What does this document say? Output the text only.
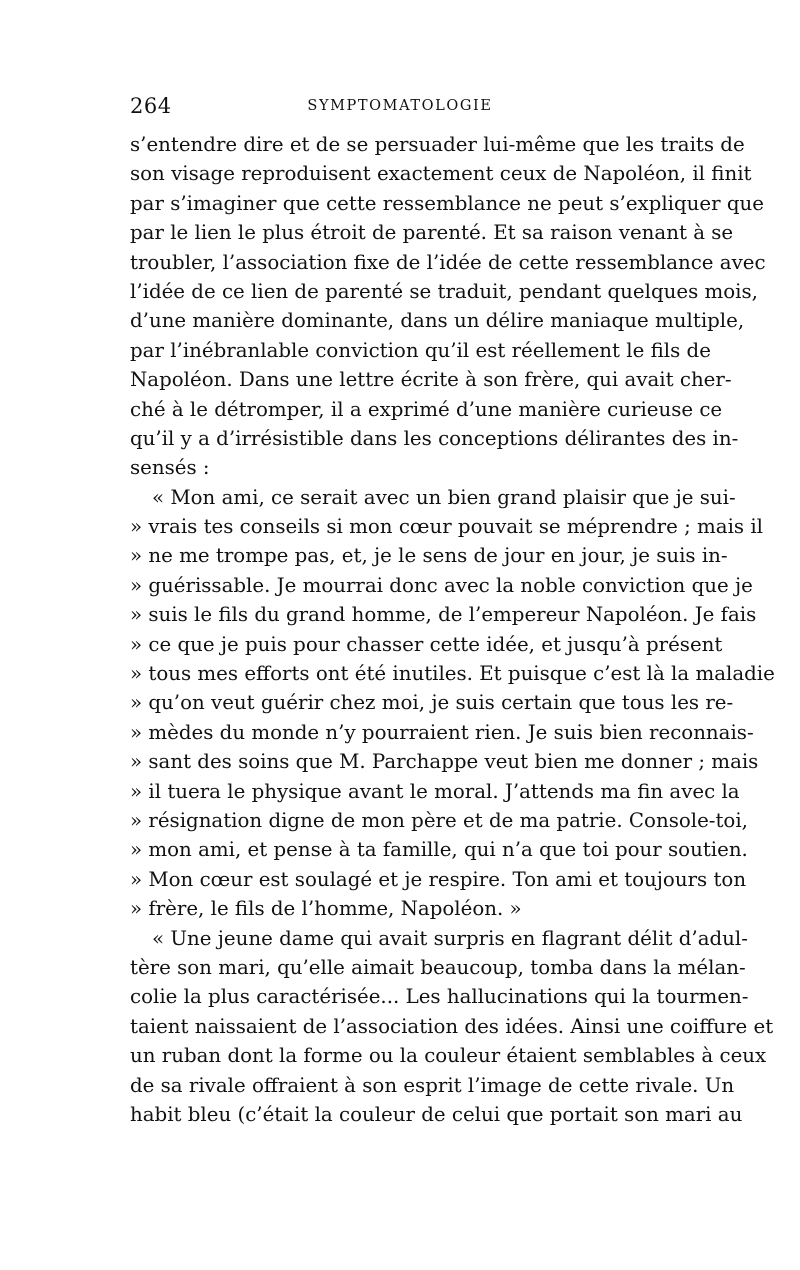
264	SYMPTOMATOLOGIE
s’entendre dire et de se persuader lui-même que les traits de
son visage reproduisent exactement ceux de Napoléon, il finit
par s’imaginer que cette ressemblance ne peut s’expliquer que
par le lien le plus étroit de parenté. Et sa raison venant à se
troubler, l’association fixe de l’idée de cette ressemblance avec
l’idée de ce lien de parenté se traduit, pendant quelques mois,
d’une manière dominante, dans un délire maniaque multiple,
par l’inébranlable conviction qu’il est réellement le fils de
Napoléon. Dans une lettre écrite à son frère, qui avait cher-
ché à le détromper, il a exprimé d’une manière curieuse ce
qu’il y a d’irrésistible dans les conceptions délirantes des in-
sensés :
« Mon ami, ce serait avec un bien grand plaisir que je sui-
» vrais tes conseils si mon cœur pouvait se méprendre ; mais il
» ne me trompe pas, et, je le sens de jour en jour, je suis in-
» guérissable. Je mourrai donc avec la noble conviction que je
» suis le fils du grand homme, de l’empereur Napoléon. Je fais
» ce que je puis pour chasser cette idée, et jusqu’à présent
» tous mes efforts ont été inutiles. Et puisque c’est là la maladie
» qu’on veut guérir chez moi, je suis certain que tous les re-
» mèdes du monde n’y pourraient rien. Je suis bien reconnais-
» sant des soins que M. Parchappe veut bien me donner ; mais
» il tuera le physique avant le moral. J’attends ma fin avec la
» résignation digne de mon père et de ma patrie. Console-toi,
» mon ami, et pense à ta famille, qui n’a que toi pour soutien.
» Mon cœur est soulagé et je respire. Ton ami et toujours ton
» frère, le fils de l’homme, Napoléon. »
« Une jeune dame qui avait surpris en flagrant délit d’adul-
tère son mari, qu’elle aimait beaucoup, tomba dans la mélan-
colie la plus caractérisée... Les hallucinations qui la tourmen-
taient naissaient de l’association des idées. Ainsi une coiffure et
un ruban dont la forme ou la couleur étaient semblables à ceux
de sa rivale offraient à son esprit l’image de cette rivale. Un
habit bleu (c’était la couleur de celui que portait son mari au
